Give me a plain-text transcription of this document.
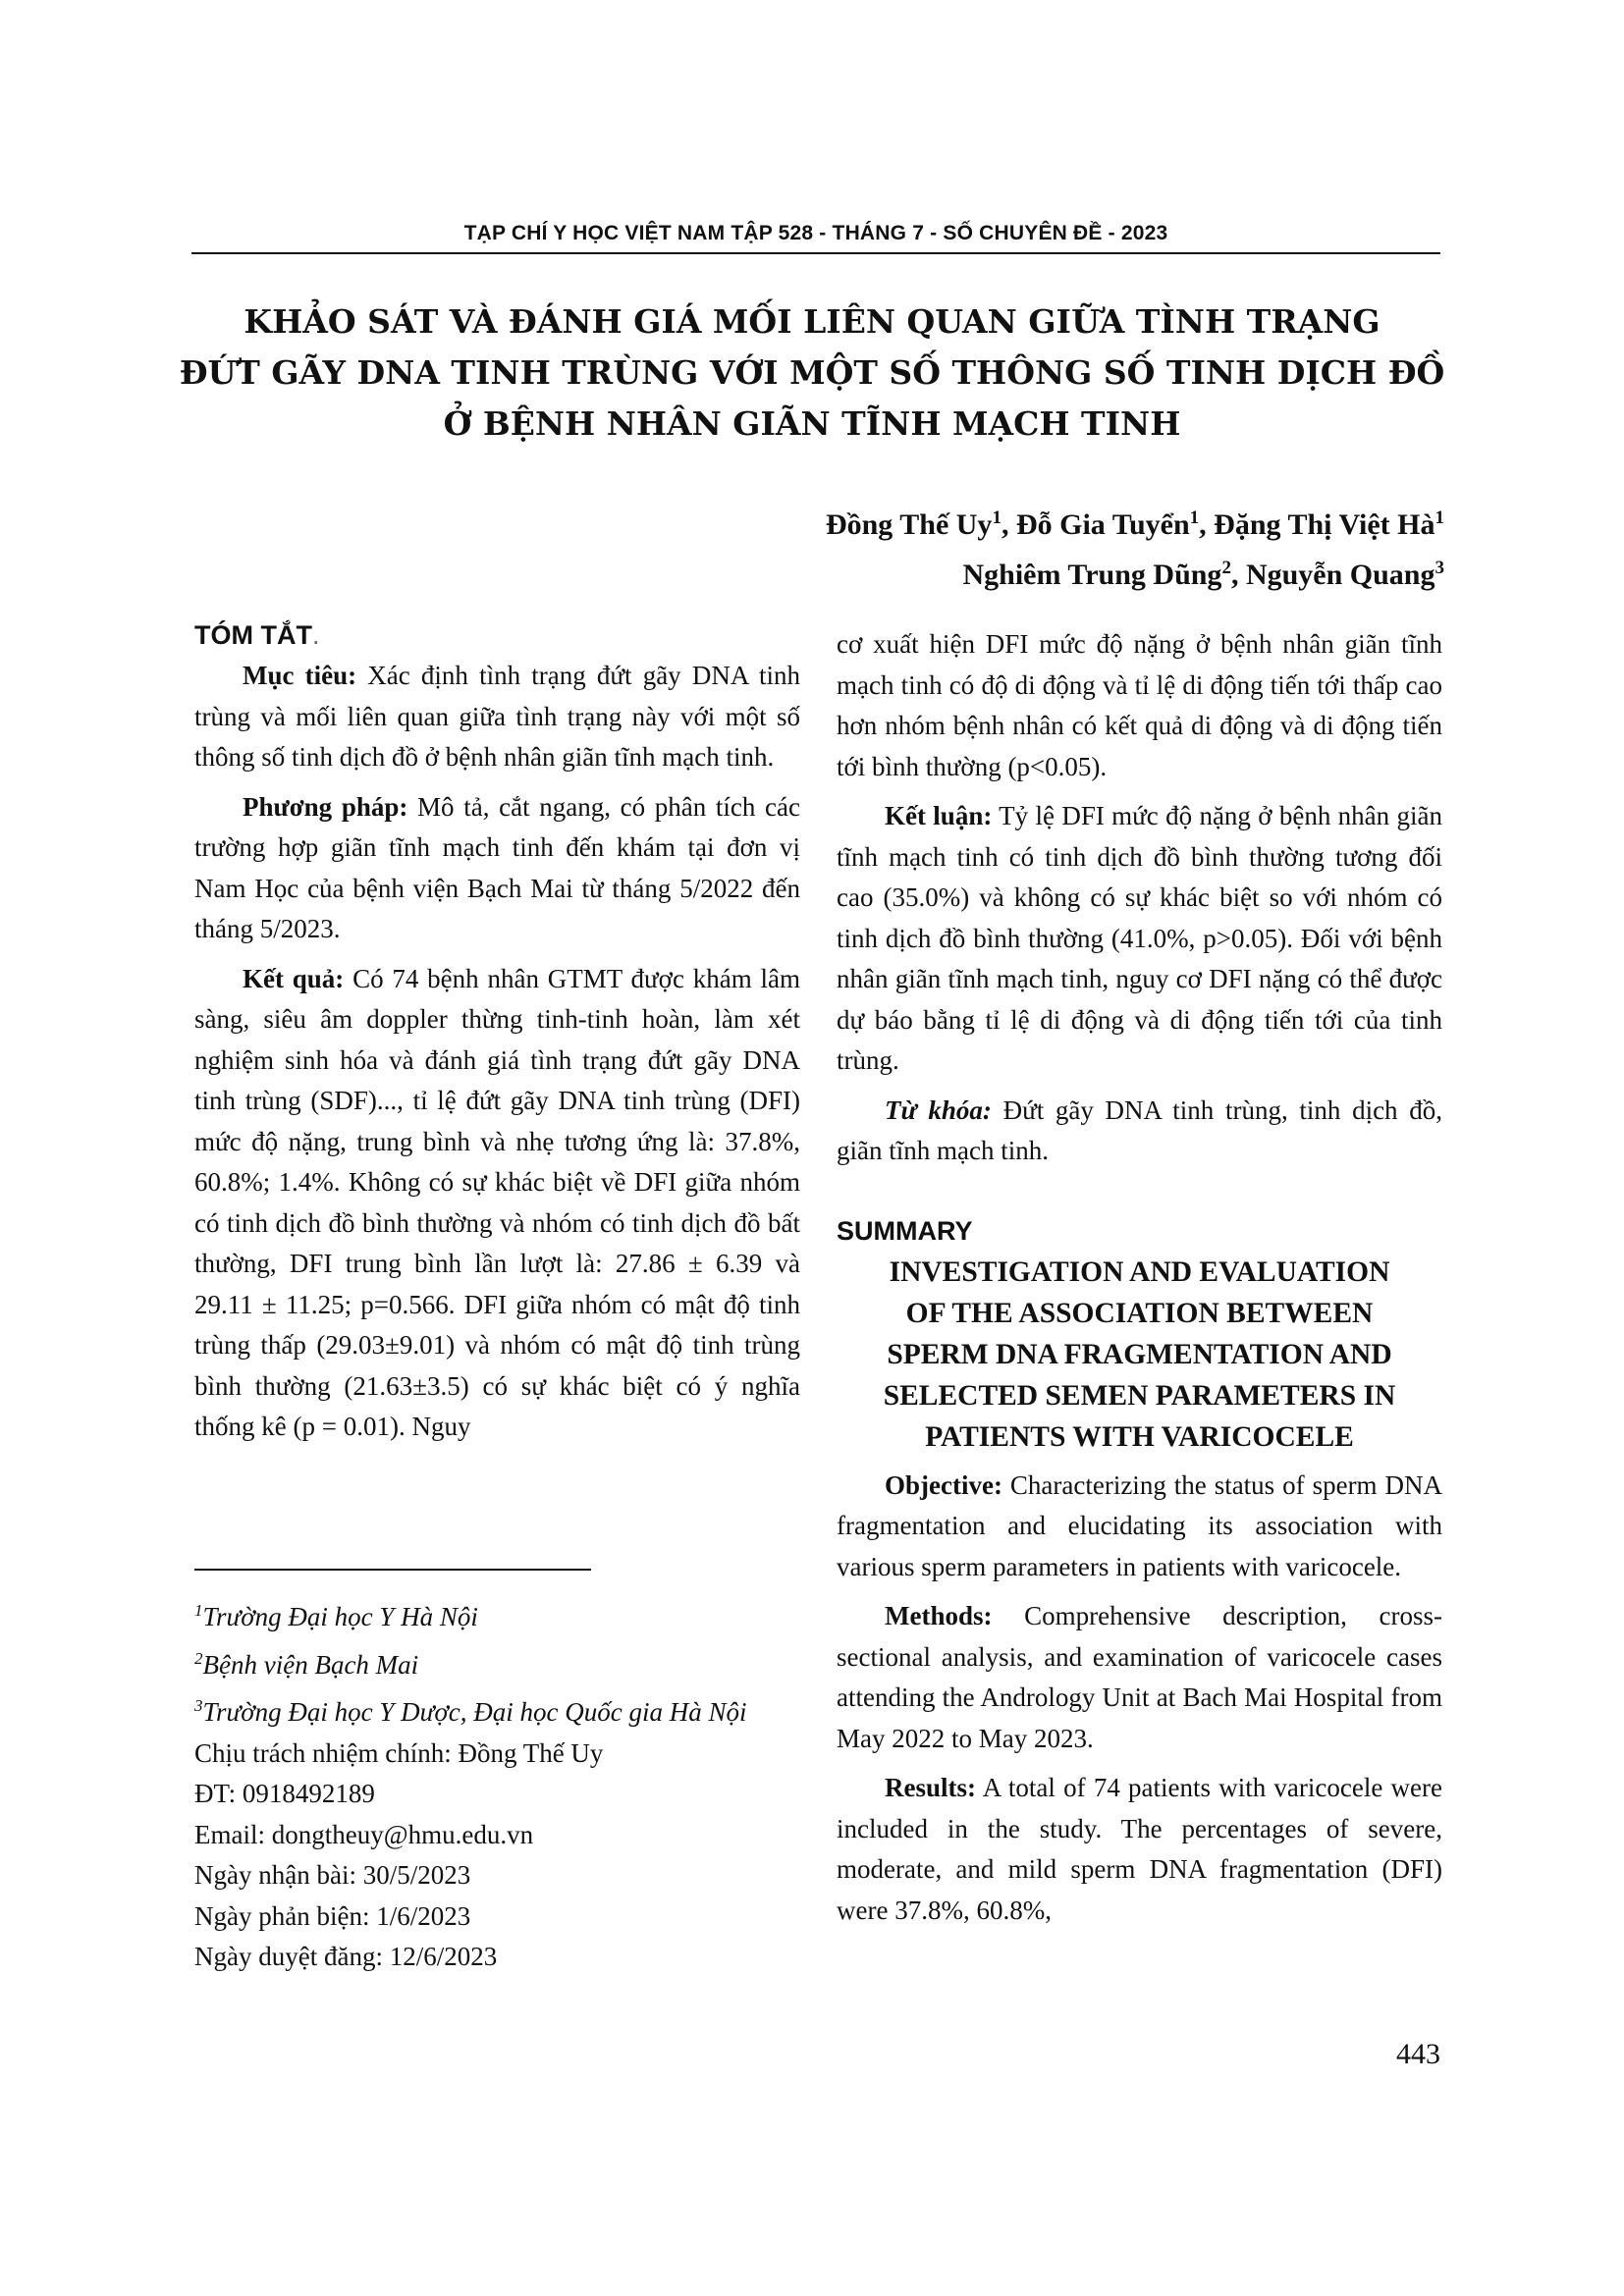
TẠP CHÍ Y HỌC VIỆT NAM TẬP 528 - THÁNG 7 - SỐ CHUYÊN ĐỀ - 2023
KHẢO SÁT VÀ ĐÁNH GIÁ MỐI LIÊN QUAN GIỮA TÌNH TRẠNG
ĐỨT GÃY DNA TINH TRÙNG VỚI MỘT SỐ THÔNG SỐ TINH DỊCH ĐỒ
Ở BỆNH NHÂN GIÃN TĨNH MẠCH TINH
Đồng Thế Uy$^1$, Đỗ Gia Tuyển$^1$, Đặng Thị Việt $Hà^1$
Nghiêm Trung Dũng$^2$, Nguyễn Quang$^3$
TÓM TẮT.

Mục tiêu: Xác định tình trạng đứt gãy DNA tinh trùng và mối liên quan giữa tình trạng này với một số thông số tinh dịch đồ ở bệnh nhân giãn tĩnh mạch tinh.

Phương pháp: Mô tả, cắt ngang, có phân tích các trường hợp giãn tĩnh mạch tinh đến khám tại đơn vị Nam Học của bệnh viện Bạch Mai từ tháng 5/2022 đến tháng 5/2023.

Kết quả: Có 74 bệnh nhân GTMT được khám lâm sàng, siêu âm doppler thừng tinh-tinh hoàn, làm xét nghiệm sinh hóa và đánh giá tình trạng đứt gãy DNA tinh trùng (SDF)..., tỉ lệ đứt gãy DNA tinh trùng (DFI) mức độ nặng, trung bình và nhẹ tương ứng là: 37.8%, 60.8%; 1.4%. Không có sự khác biệt về DFI giữa nhóm có tinh dịch đồ bình thường và nhóm có tinh dịch đồ bất thường, DFI trung bình lần lượt là: 27.86 ± 6.39 và 29.11 ± 11.25; p=0.566. DFI giữa nhóm có mật độ tinh trùng thấp (29.03±9.01) và nhóm có mật độ tinh trùng bình thường (21.63±3.5) có sự khác biệt có ý nghĩa thống kê (p = 0.01). Nguy

$^1$Trường Đại học Y Hà Nội
$^2$Bệnh viện Bạch Mai
$^3$Trường Đại học Y Dược, Đại học Quốc gia Hà Nội
Chịu trách nhiệm chính: Đồng Thế Uy
ĐT: 0918492189
Email: dongtheuy@hmu.edu.vn
Ngày nhận bài: 30/5/2023
Ngày phản biện: 1/6/2023
Ngày duyệt đăng: 12/6/2023

cơ xuất hiện DFI mức độ nặng ở bệnh nhân giãn tĩnh mạch tinh có độ di động và tỉ lệ di động tiến tới thấp cao hơn nhóm bệnh nhân có kết quả di động và di động tiến tới bình thường (p<0.05).

Kết luận: Tỷ lệ DFI mức độ nặng ở bệnh nhân giãn tĩnh mạch tinh có tinh dịch đồ bình thường tương đối cao (35.0%) và không có sự khác biệt so với nhóm có tinh dịch đồ bình thường (41.0%, p>0.05). Đối với bệnh nhân giãn tĩnh mạch tinh, nguy cơ DFI nặng có thể được dự báo bằng tỉ lệ di động và di động tiến tới của tinh trùng.

Từ khóa: Đứt gãy DNA tinh trùng, tinh dịch đồ, giãn tĩnh mạch tinh.

SUMMARY
INVESTIGATION AND EVALUATION
OF THE ASSOCIATION BETWEEN
SPERM DNA FRAGMENTATION AND
SELECTED SEMEN PARAMETERS IN
PATIENTS WITH VARICOCELE

Objective: Characterizing the status of sperm DNA fragmentation and elucidating its association with various sperm parameters in patients with varicocele.

Methods: Comprehensive description, cross-sectional analysis, and examination of varicocele cases attending the Andrology Unit at Bach Mai Hospital from May 2022 to May 2023.

Results: A total of 74 patients with varicocele were included in the study. The percentages of severe, moderate, and mild sperm DNA fragmentation (DFI) were 37.8%, 60.8%,

443
